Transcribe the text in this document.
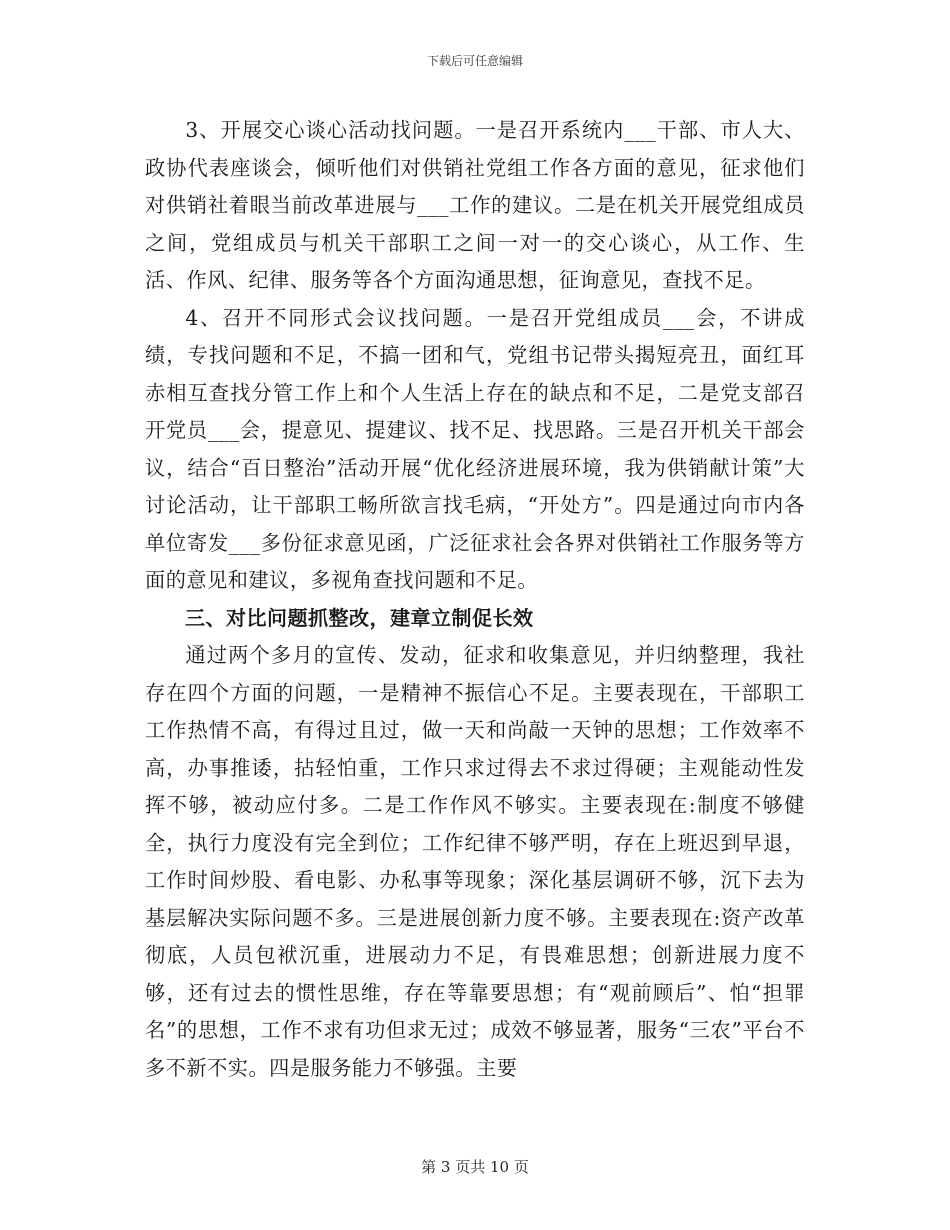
下载后可任意编辑

3、开展交心谈心活动找问题。一是召开系统内___干部、市人大、政协代表座谈会，倾听他们对供销社党组工作各方面的意见，征求他们对供销社着眼当前改革进展与___工作的建议。二是在机关开展党组成员之间，党组成员与机关干部职工之间一对一的交心谈心，从工作、生活、作风、纪律、服务等各个方面沟通思想，征询意见，查找不足。

4、召开不同形式会议找问题。一是召开党组成员___会，不讲成绩，专找问题和不足，不搞一团和气，党组书记带头揭短亮丑，面红耳赤相互查找分管工作上和个人生活上存在的缺点和不足，二是党支部召开党员___会，提意见、提建议、找不足、找思路。三是召开机关干部会议，结合“百日整治”活动开展“优化经济进展环境，我为供销献计策”大讨论活动，让干部职工畅所欲言找毛病，“开处方”。四是通过向市内各单位寄发___多份征求意见函，广泛征求社会各界对供销社工作服务等方面的意见和建议，多视角查找问题和不足。

三、对比问题抓整改，建章立制促长效

通过两个多月的宣传、发动，征求和收集意见，并归纳整理，我社存在四个方面的问题，一是精神不振信心不足。主要表现在，干部职工工作热情不高，有得过且过，做一天和尚敲一天钟的思想；工作效率不高，办事推诿，拈轻怕重，工作只求过得去不求过得硬；主观能动性发挥不够，被动应付多。二是工作作风不够实。主要表现在:制度不够健全，执行力度没有完全到位；工作纪律不够严明，存在上班迟到早退，工作时间炒股、看电影、办私事等现象；深化基层调研不够，沉下去为基层解决实际问题不多。三是进展创新力度不够。主要表现在:资产改革彻底，人员包袱沉重，进展动力不足，有畏难思想；创新进展力度不够，还有过去的惯性思维，存在等靠要思想；有“观前顾后”、怕“担罪名”的思想，工作不求有功但求无过；成效不够显著，服务“三农”平台不多不新不实。四是服务能力不够强。主要

第 3 页共 10 页
